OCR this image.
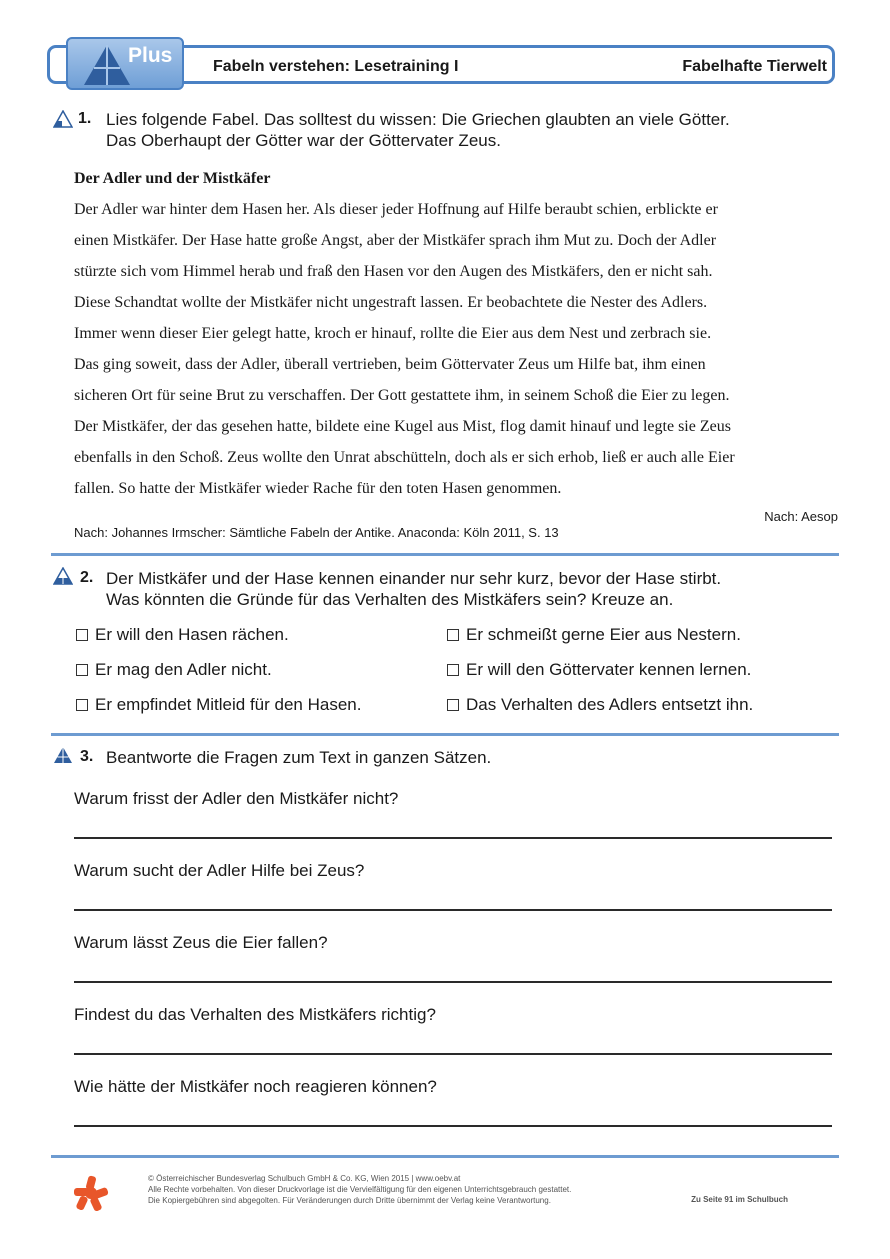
Plus	Fabeln verstehen: Lesetraining I	Fabelhafte Tierwelt
1. Lies folgende Fabel. Das solltest du wissen: Die Griechen glaubten an viele Götter.
Das Oberhaupt der Götter war der Göttervater Zeus.
Der Adler und der Mistkäfer
Der Adler war hinter dem Hasen her. Als dieser jeder Hoffnung auf Hilfe beraubt schien, erblickte er
einen Mistkäfer. Der Hase hatte große Angst, aber der Mistkäfer sprach ihm Mut zu. Doch der Adler
stürzte sich vom Himmel herab und fraß den Hasen vor den Augen des Mistkäfers, den er nicht sah.
Diese Schandtat wollte der Mistkäfer nicht ungestraft lassen. Er beobachtete die Nester des Adlers.
Immer wenn dieser Eier gelegt hatte, kroch er hinauf, rollte die Eier aus dem Nest und zerbrach sie.
Das ging soweit, dass der Adler, überall vertrieben, beim Göttervater Zeus um Hilfe bat, ihm einen
sicheren Ort für seine Brut zu verschaffen. Der Gott gestattete ihm, in seinem Schoß die Eier zu legen.
Der Mistkäfer, der das gesehen hatte, bildete eine Kugel aus Mist, flog damit hinauf und legte sie Zeus
ebenfalls in den Schoß. Zeus wollte den Unrat abschütteln, doch als er sich erhob, ließ er auch alle Eier
fallen. So hatte der Mistkäfer wieder Rache für den toten Hasen genommen.
Nach: Aesop
Nach: Johannes Irmscher: Sämtliche Fabeln der Antike. Anaconda: Köln 2011, S. 13
2. Der Mistkäfer und der Hase kennen einander nur sehr kurz, bevor der Hase stirbt.
Was könnten die Gründe für das Verhalten des Mistkäfers sein? Kreuze an.
Er will den Hasen rächen.	Er schmeißt gerne Eier aus Nestern.
Er mag den Adler nicht.	Er will den Göttervater kennen lernen.
Er empfindet Mitleid für den Hasen.	Das Verhalten des Adlers entsetzt ihn.
3. Beantworte die Fragen zum Text in ganzen Sätzen.
Warum frisst der Adler den Mistkäfer nicht?
Warum sucht der Adler Hilfe bei Zeus?
Warum lässt Zeus die Eier fallen?
Findest du das Verhalten des Mistkäfers richtig?
Wie hätte der Mistkäfer noch reagieren können?
© Österreichischer Bundesverlag Schulbuch GmbH & Co. KG, Wien 2015 | www.oebv.at
Alle Rechte vorbehalten. Von dieser Druckvorlage ist die Vervielfältigung für den eigenen Unterrichtsgebrauch gestattet.
Die Kopiergebühren sind abgegolten. Für Veränderungen durch Dritte übernimmt der Verlag keine Verantwortung.	Zu Seite 91 im Schulbuch
